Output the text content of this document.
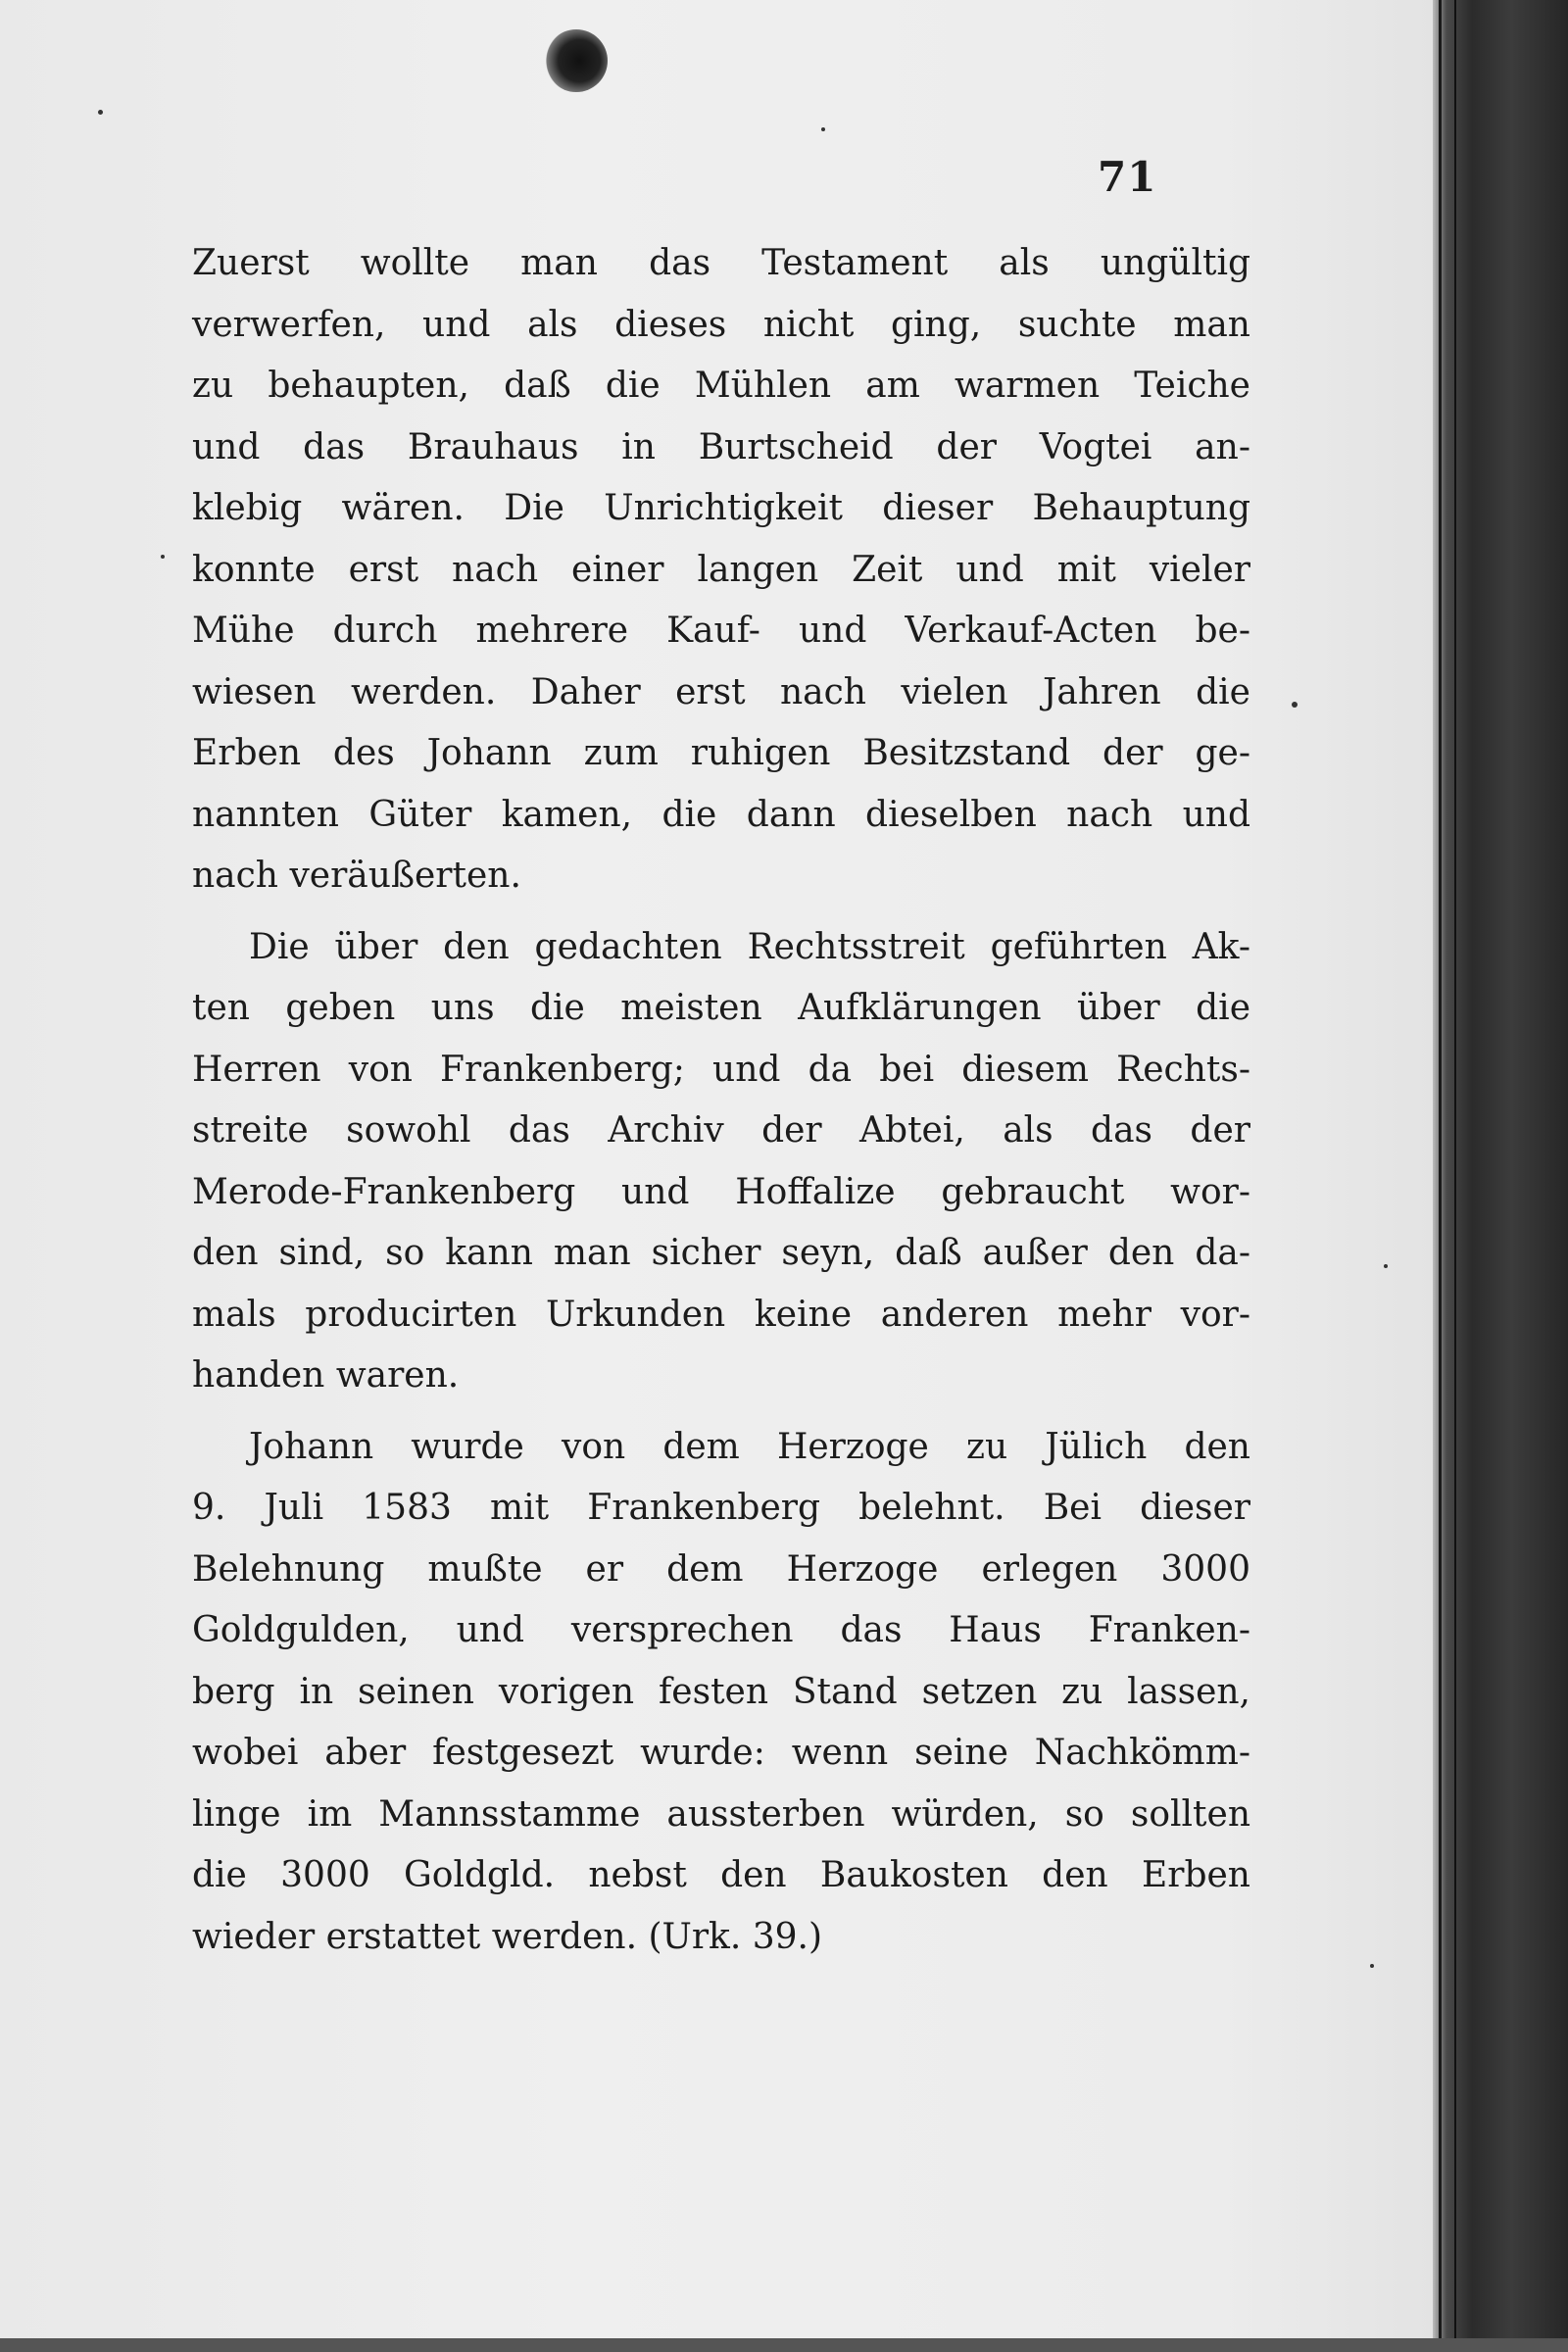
71
Zuerst wollte man das Testament als ungültig
verwerfen, und als dieses nicht ging, suchte man
zu behaupten, daß die Mühlen am warmen Teiche
und das Brauhaus in Burtscheid der Vogtei an-
klebig wären. Die Unrichtigkeit dieser Behauptung
konnte erst nach einer langen Zeit und mit vieler
Mühe durch mehrere Kauf- und Verkauf-Acten be-
wiesen werden. Daher erst nach vielen Jahren die
Erben des Johann zum ruhigen Besitzstand der ge-
nannten Güter kamen, die dann dieselben nach und
nach veräußerten.
Die über den gedachten Rechtsstreit geführten Ak-
ten geben uns die meisten Aufklärungen über die
Herren von Frankenberg; und da bei diesem Rechts-
streite sowohl das Archiv der Abtei, als das der
Merode-Frankenberg und Hoffalize gebraucht wor-
den sind, so kann man sicher seyn, daß außer den da-
mals producirten Urkunden keine anderen mehr vor-
handen waren.
Johann wurde von dem Herzoge zu Jülich den
9. Juli 1583 mit Frankenberg belehnt. Bei dieser
Belehnung mußte er dem Herzoge erlegen 3000
Goldgulden, und versprechen das Haus Franken-
berg in seinen vorigen festen Stand setzen zu lassen,
wobei aber festgesezt wurde: wenn seine Nachkömm-
linge im Mannsstamme aussterben würden, so sollten
die 3000 Goldgld. nebst den Baukosten den Erben
wieder erstattet werden. (Urk. 39.)
